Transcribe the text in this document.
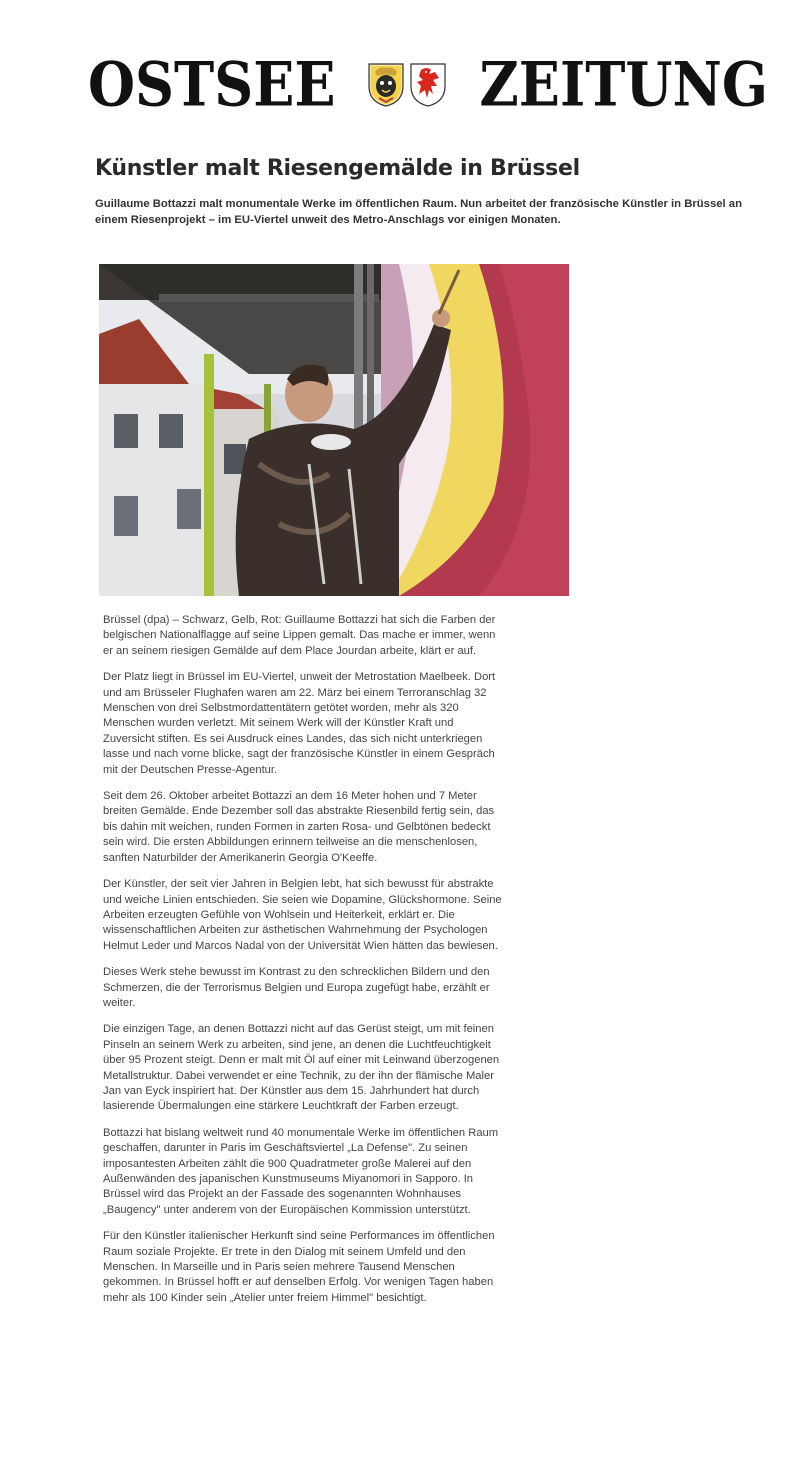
OSTSEE	ZEITUNG
Künstler malt Riesengemälde in Brüssel

Guillaume Bottazzi malt monumentale Werke im öffentlichen Raum. Nun arbeitet der französische Künstler in Brüssel an einem Riesenprojekt – im EU-Viertel unweit des Metro-Anschlags vor einigen Monaten.

Brüssel (dpa) – Schwarz, Gelb, Rot: Guillaume Bottazzi hat sich die Farben der belgischen Nationalflagge auf seine Lippen gemalt. Das mache er immer, wenn er an seinem riesigen Gemälde auf dem Place Jourdan arbeite, klärt er auf.

Der Platz liegt in Brüssel im EU-Viertel, unweit der Metrostation Maelbeek. Dort und am Brüsseler Flughafen waren am 22. März bei einem Terroranschlag 32 Menschen von drei Selbstmordattentätern getötet worden, mehr als 320 Menschen wurden verletzt. Mit seinem Werk will der Künstler Kraft und Zuversicht stiften. Es sei Ausdruck eines Landes, das sich nicht unterkriegen lasse und nach vorne blicke, sagt der französische Künstler in einem Gespräch mit der Deutschen Presse-Agentur.

Seit dem 26. Oktober arbeitet Bottazzi an dem 16 Meter hohen und 7 Meter breiten Gemälde. Ende Dezember soll das abstrakte Riesenbild fertig sein, das bis dahin mit weichen, runden Formen in zarten Rosa- und Gelbtönen bedeckt sein wird. Die ersten Abbildungen erinnern teilweise an die menschenlosen, sanften Naturbilder der Amerikanerin Georgia O'Keeffe.

Der Künstler, der seit vier Jahren in Belgien lebt, hat sich bewusst für abstrakte und weiche Linien entschieden. Sie seien wie Dopamine, Glückshormone. Seine Arbeiten erzeugten Gefühle von Wohlsein und Heiterkeit, erklärt er. Die wissenschaftlichen Arbeiten zur ästhetischen Wahrnehmung der Psychologen Helmut Leder und Marcos Nadal von der Universität Wien hätten das bewiesen.

Dieses Werk stehe bewusst im Kontrast zu den schrecklichen Bildern und den Schmerzen, die der Terrorismus Belgien und Europa zugefügt habe, erzählt er weiter.

Die einzigen Tage, an denen Bottazzi nicht auf das Gerüst steigt, um mit feinen Pinseln an seinem Werk zu arbeiten, sind jene, an denen die Luchtfeuchtigkeit über 95 Prozent steigt. Denn er malt mit Öl auf einer mit Leinwand überzogenen Metallstruktur. Dabei verwendet er eine Technik, zu der ihn der flämische Maler Jan van Eyck inspiriert hat. Der Künstler aus dem 15. Jahrhundert hat durch lasierende Übermalungen eine stärkere Leuchtkraft der Farben erzeugt.

Bottazzi hat bislang weltweit rund 40 monumentale Werke im öffentlichen Raum geschaffen, darunter in Paris im Geschäftsviertel „La Defense". Zu seinen imposantesten Arbeiten zählt die 900 Quadratmeter große Malerei auf den Außenwänden des japanischen Kunstmuseums Miyanomori in Sapporo. In Brüssel wird das Projekt an der Fassade des sogenannten Wohnhauses „Baugency" unter anderem von der Europäischen Kommission unterstützt.

Für den Künstler italienischer Herkunft sind seine Performances im öffentlichen Raum soziale Projekte. Er trete in den Dialog mit seinem Umfeld und den Menschen. In Marseille und in Paris seien mehrere Tausend Menschen gekommen. In Brüssel hofft er auf denselben Erfolg. Vor wenigen Tagen haben mehr als 100 Kinder sein „Atelier unter freiem Himmel" besichtigt.
